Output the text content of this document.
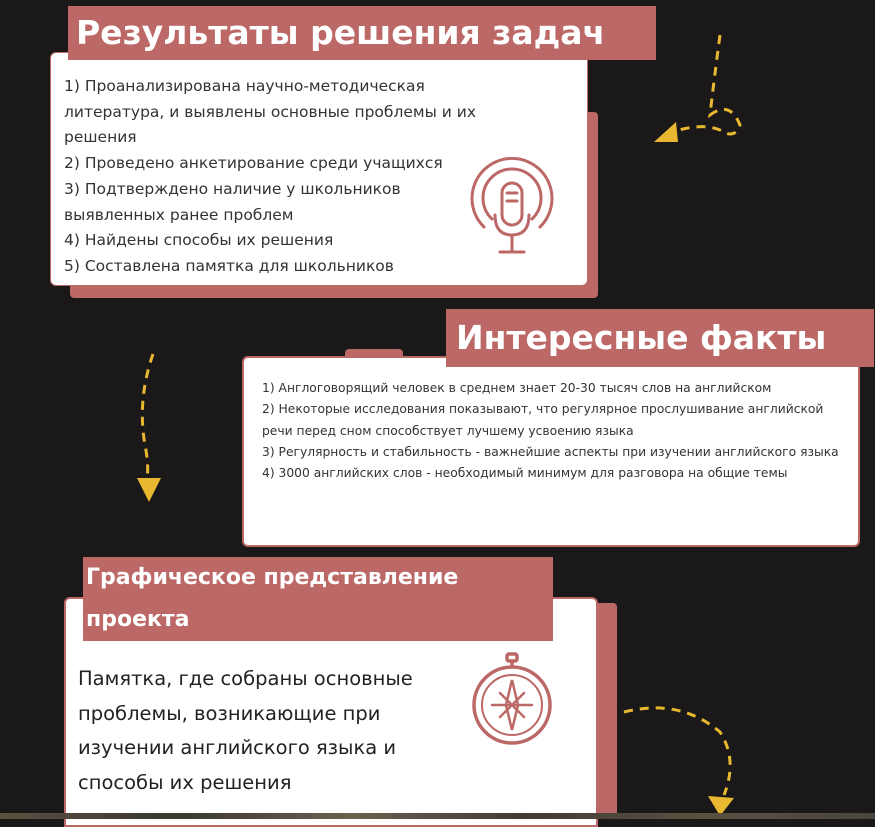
Результаты решения задач
1) Проанализирована научно-методическая литература, и выявлены основные проблемы и их решения
2) Проведено анкетирование среди учащихся
3) Подтверждено наличие у школьников выявленных ранее проблем
4) Найдены способы их решения
5) Составлена памятка для школьников
Интересные факты
1) Англоговорящий человек в среднем знает 20-30 тысяч слов на английском
2) Некоторые исследования показывают, что регулярное прослушивание английской речи перед сном способствует лучшему усвоению языка
3) Регулярность и стабильность - важнейшие аспекты при изучении английского языка
4) 3000 английских слов - необходимый минимум для разговора на общие темы
Графическое представление проекта

Памятка, где собраны основные проблемы, возникающие при изучении английского языка и способы их решения
